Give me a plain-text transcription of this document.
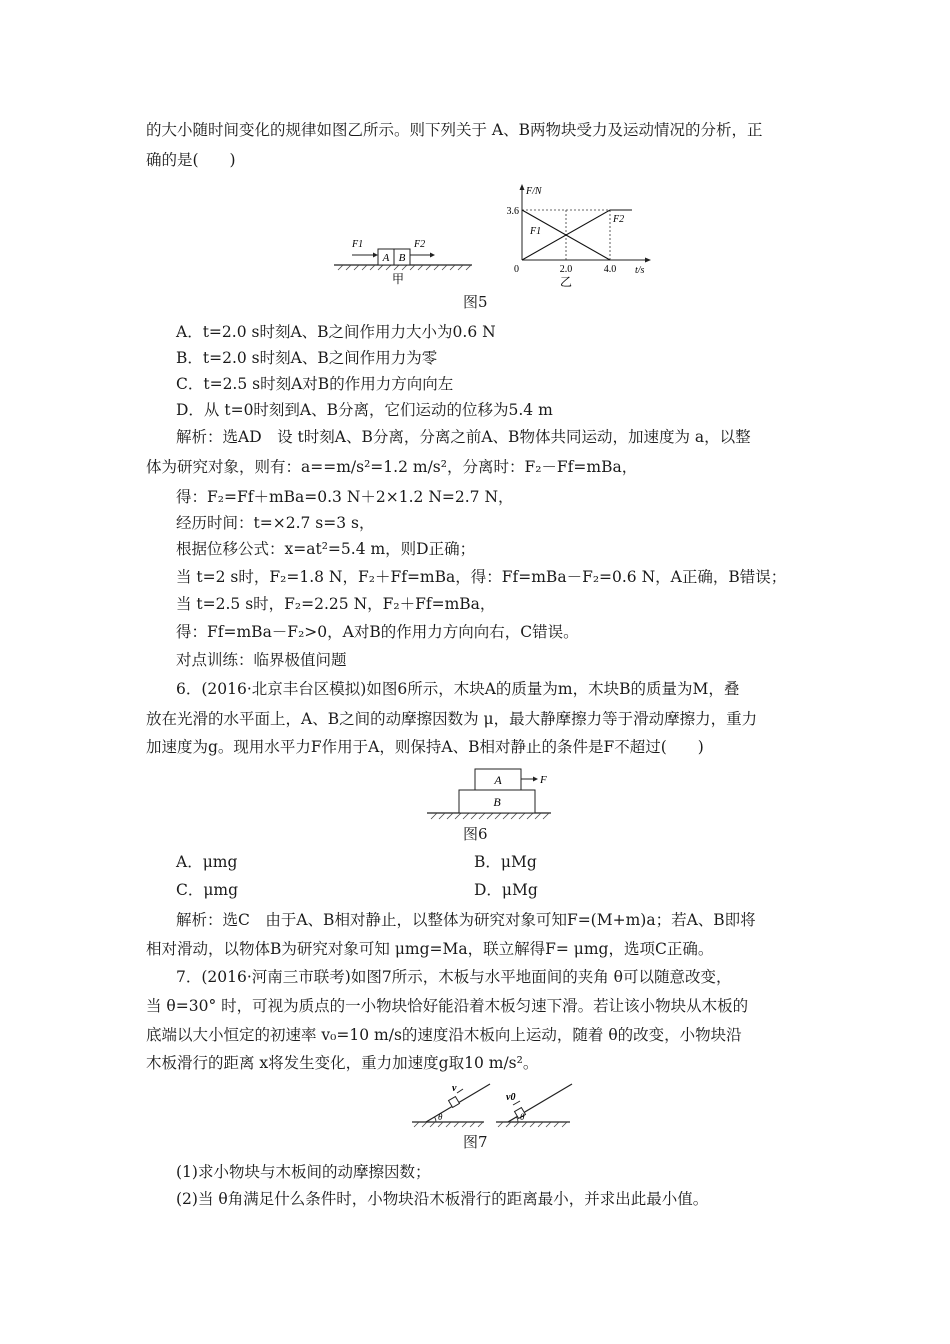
的大小随时间变化的规律如图乙所示。则下列关于 A、B两物块受力及运动情况的分析，正
确的是(　　)
A B
F1	F2
甲
F1
F2
0	2.0	4.0
3.6
t/s
F/N
乙
图5
A．t=2.0 s时刻A、B之间作用力大小为0.6 N
B．t=2.0 s时刻A、B之间作用力为零
C．t=2.5 s时刻A对B的作用力方向向左
D．从 t=0时刻到A、B分离，它们运动的位移为5.4 m
解析：选AD　设 t时刻A、B分离，分离之前A、B物体共同运动，加速度为 a，以整
体为研究对象，则有：a==m/s²=1.2 m/s²，分离时：F₂－Ff=mBa，
得：F₂=Ff＋mBa=0.3 N＋2×1.2 N=2.7 N，
经历时间：t=×2.7 s=3 s，
根据位移公式：x=at²=5.4 m，则D正确；
当 t=2 s时，F₂=1.8 N，F₂＋Ff=mBa，得：Ff=mBa－F₂=0.6 N，A正确，B错误；
当 t=2.5 s时，F₂=2.25 N，F₂＋Ff=mBa，
得：Ff=mBa－F₂>0，A对B的作用力方向向右，C错误。
对点训练：临界极值问题
6．(2016·北京丰台区模拟)如图6所示，木块A的质量为m，木块B的质量为M，叠
放在光滑的水平面上，A、B之间的动摩擦因数为 μ，最大静摩擦力等于滑动摩擦力，重力
加速度为g。现用水平力F作用于A，则保持A、B相对静止的条件是F不超过(　　)
A
B
F
图6
A．μmg	B．μMg
C．μmg	D．μMg
解析：选C　由于A、B相对静止，以整体为研究对象可知F=(M+m)a；若A、B即将
相对滑动，以物体B为研究对象可知 μmg=Ma，联立解得F= μmg，选项C正确。
7．(2016·河南三市联考)如图7所示，木板与水平地面间的夹角 θ可以随意改变，
当 θ=30° 时，可视为质点的一小物块恰好能沿着木板匀速下滑。若让该小物块从木板的
底端以大小恒定的初速率 v₀=10 m/s的速度沿木板向上运动，随着 θ的改变，小物块沿
木板滑行的距离 x将发生变化，重力加速度g取10 m/s²。
v
θ
v0
θ
图7
(1)求小物块与木板间的动摩擦因数；
(2)当 θ角满足什么条件时，小物块沿木板滑行的距离最小，并求出此最小值。
